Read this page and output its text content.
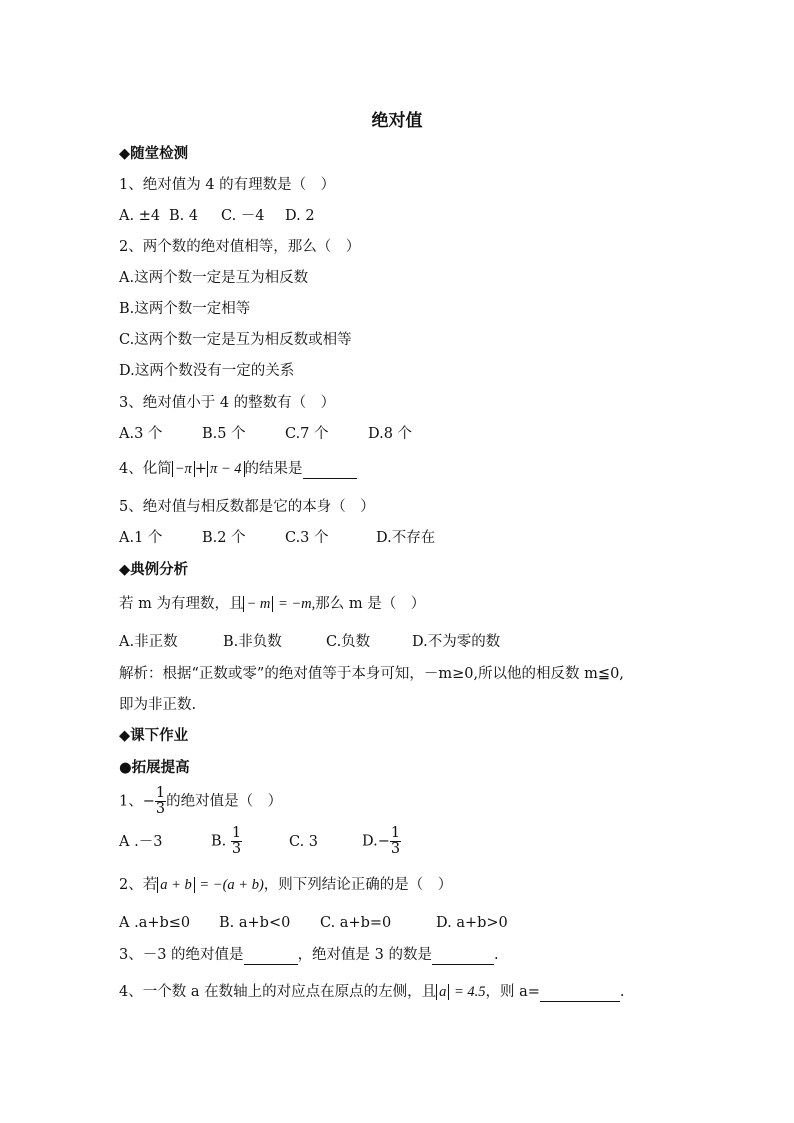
绝对值
◆随堂检测
1、绝对值为 4 的有理数是（　）
A. ±4 B. 4 C. －4 D. 2
2、两个数的绝对值相等，那么（　）
A.这两个数一定是互为相反数
B.这两个数一定相等
C.这两个数一定是互为相反数或相等
D.这两个数没有一定的关系
3、绝对值小于 4 的整数有（　）
A.3 个	B.5 个	C.7 个	D.8 个
4、化简 −π + π − 4 的结果是
5、绝对值与相反数都是它的本身（　）
A.1 个	B.2 个	C.3 个	D.不存在
◆典例分析
若 m 为有理数，且 − m = −m,那么 m 是（　）
A.非正数	B.非负数	C.负数	D.不为零的数
解析：根据“正数或零”的绝对值等于本身可知，－m≥0,所以他的相反数 m≦0,
即为非正数.
◆课下作业
●拓展提高
1、− $\frac{1}{3}$ 的绝对值是（　）
A .－3	B. $\frac{1}{3}$	C. 3	$D.- \frac{1}{3}$
2、若 a + b = −(a + b)，则下列结论正确的是（　）
A .a+b≤0 B. a+b<0 C. a+b=0	D. a+b>0
3、－3 的绝对值是	，绝对值是 3 的数是	.
4、一个数 a 在数轴上的对应点在原点的左侧，且 a = 4.5，则 a=	.
